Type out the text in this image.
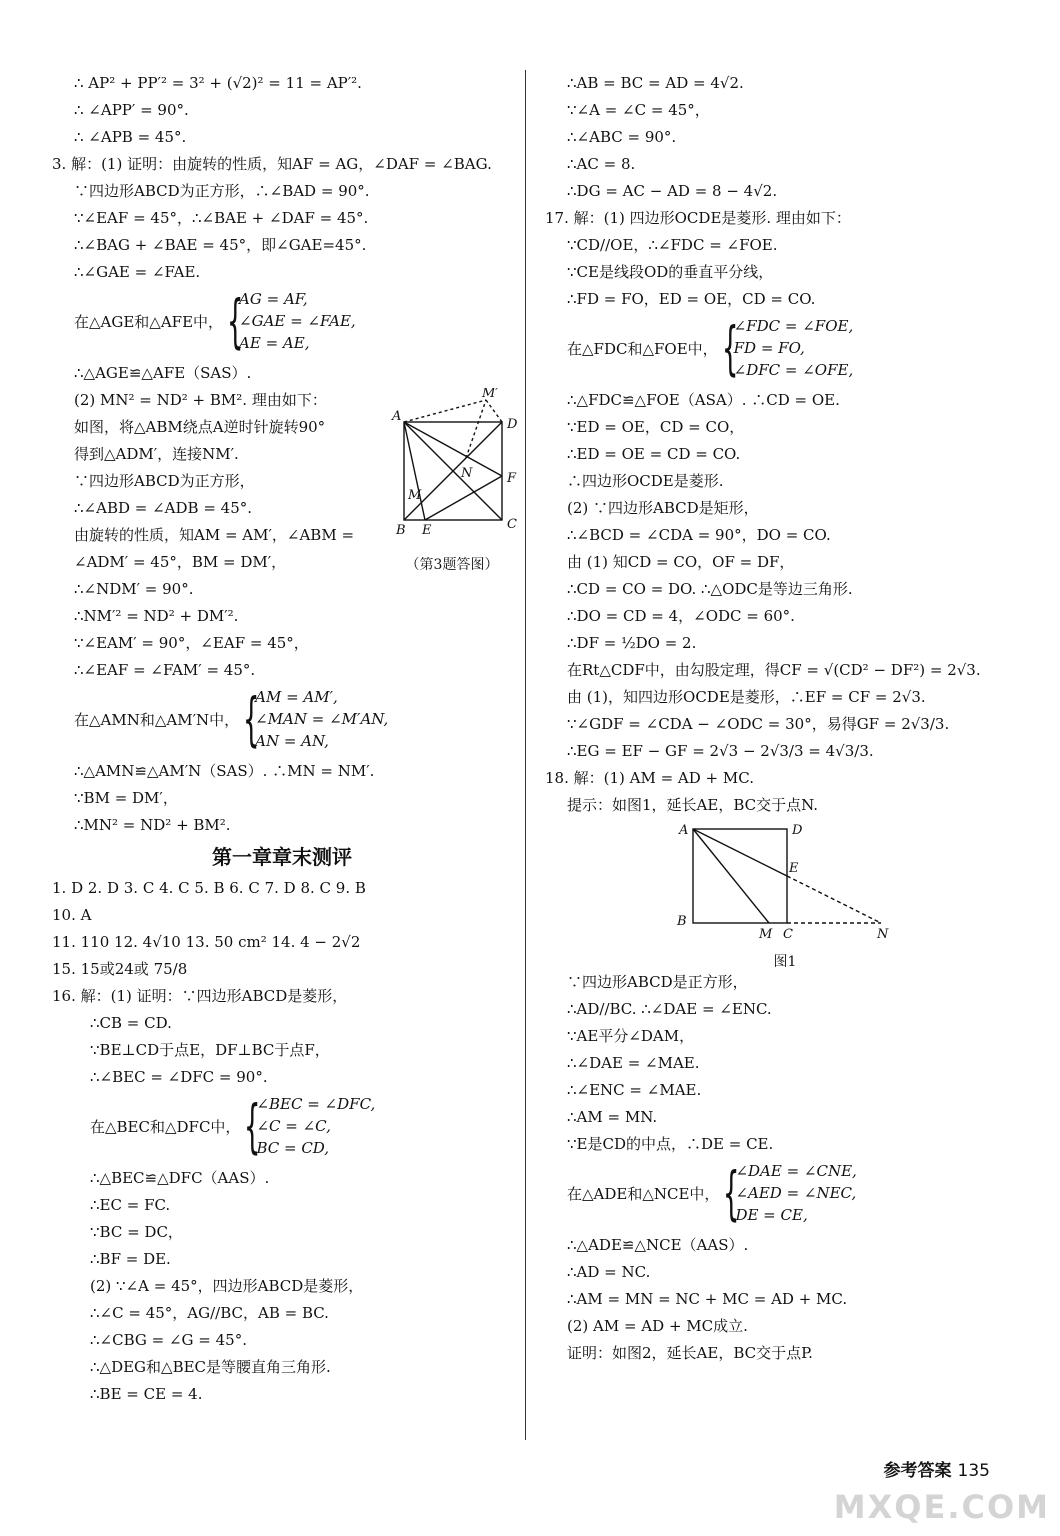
∴ AP² + PP′² = 3² + (√2)² = 11 = AP′².
∴ ∠APP′ = 90°.
∴ ∠APB = 45°.
3. 解：(1) 证明：由旋转的性质，知AF = AG，∠DAF = ∠BAG.
∵四边形ABCD为正方形，∴∠BAD = 90°.
∵∠EAF = 45°，∴∠BAE + ∠DAF = 45°.
∴∠BAG + ∠BAE = 45°，即∠GAE=45°.
∴∠GAE = ∠FAE.
在△AGE和△AFE中， {
AG = AF,
∠GAE = ∠FAE,
AE = AE,
∴△AGE≌△AFE（SAS）.
(2) MN² = ND² + BM². 理由如下：
如图，将△ABM绕点A逆时针旋转90°
得到△ADM′，连接NM′.
∵四边形ABCD为正方形，
∴∠ABD = ∠ADB = 45°.
由旋转的性质，知AM = AM′，∠ABM =
∠ADM′ = 45°，BM = DM′，
∴∠NDM′ = 90°.
∴NM′² = ND² + DM′².
∵∠EAM′ = 90°，∠EAF = 45°，
∴∠EAF = ∠FAM′ = 45°.
在△AMN和△AM′N中， {
AM = AM′,
∠MAN = ∠M′AN,
AN = AN,
∴△AMN≌△AM′N（SAS）. ∴MN = NM′.
∵BM = DM′，
∴MN² = ND² + BM².
第一章章末测评
1. D 2. D 3. C 4. C 5. B 6. C 7. D 8. C 9. B
10. A
11. 110 12. 4√10 13. 50 cm² 14. 4 − 2√2
15. 15或24或 75/8
16. 解：(1) 证明：∵四边形ABCD是菱形，
∴CB = CD.
∵BE⊥CD于点E，DF⊥BC于点F，
∴∠BEC = ∠DFC = 90°.
在△BEC和△DFC中， {
∠BEC = ∠DFC,
∠C = ∠C,
BC = CD,
∴△BEC≌△DFC（AAS）.
∴EC = FC.
∵BC = DC，
∴BF = DE.
(2) ∵∠A = 45°，四边形ABCD是菱形，
∴∠C = 45°，AG//BC，AB = BC.
∴∠CBG = ∠G = 45°.
∴△DEG和△BEC是等腰直角三角形.
∴BE = CE = 4.
A
M′
D
N	F
M
B E	C
（第3题答图）
∴AB = BC = AD = 4√2.
∵∠A = ∠C = 45°，
∴∠ABC = 90°.
∴AC = 8.
∴DG = AC − AD = 8 − 4√2.
17. 解：(1) 四边形OCDE是菱形. 理由如下：
∵CD//OE，∴∠FDC = ∠FOE.
∵CE是线段OD的垂直平分线，
∴FD = FO，ED = OE，CD = CO.
在△FDC和△FOE中， {
∠FDC = ∠FOE,
FD = FO,
∠DFC = ∠OFE,
∴△FDC≌△FOE（ASA）. ∴CD = OE.
∵ED = OE，CD = CO，
∴ED = OE = CD = CO.
∴四边形OCDE是菱形.
(2) ∵四边形ABCD是矩形，
∴∠BCD = ∠CDA = 90°，DO = CO.
由 (1) 知CD = CO，OF = DF，
∴CD = CO = DO. ∴△ODC是等边三角形.
∴DO = CD = 4，∠ODC = 60°.
∴DF = ½DO = 2.
在Rt△CDF中，由勾股定理，得CF = √(CD² − DF²) = 2√3.
由 (1)，知四边形OCDE是菱形，∴EF = CF = 2√3.
∵∠GDF = ∠CDA − ∠ODC = 30°，易得GF = 2√3/3.
∴EG = EF − GF = 2√3 − 2√3/3 = 4√3/3.
18. 解：(1) AM = AD + MC.
提示：如图1，延长AE，BC交于点N.
A	D
E
B
M C	N
图1
∵四边形ABCD是正方形，
∴AD//BC. ∴∠DAE = ∠ENC.
∵AE平分∠DAM，
∴∠DAE = ∠MAE.
∴∠ENC = ∠MAE.
∴AM = MN.
∵E是CD的中点，∴DE = CE.
在△ADE和△NCE中， {
∠DAE = ∠CNE,
∠AED = ∠NEC,
DE = CE,
∴△ADE≌△NCE（AAS）.
∴AD = NC.
∴AM = MN = NC + MC = AD + MC.
(2) AM = AD + MC成立.
证明：如图2，延长AE，BC交于点P.
参考答案 135
MXQE.COM
